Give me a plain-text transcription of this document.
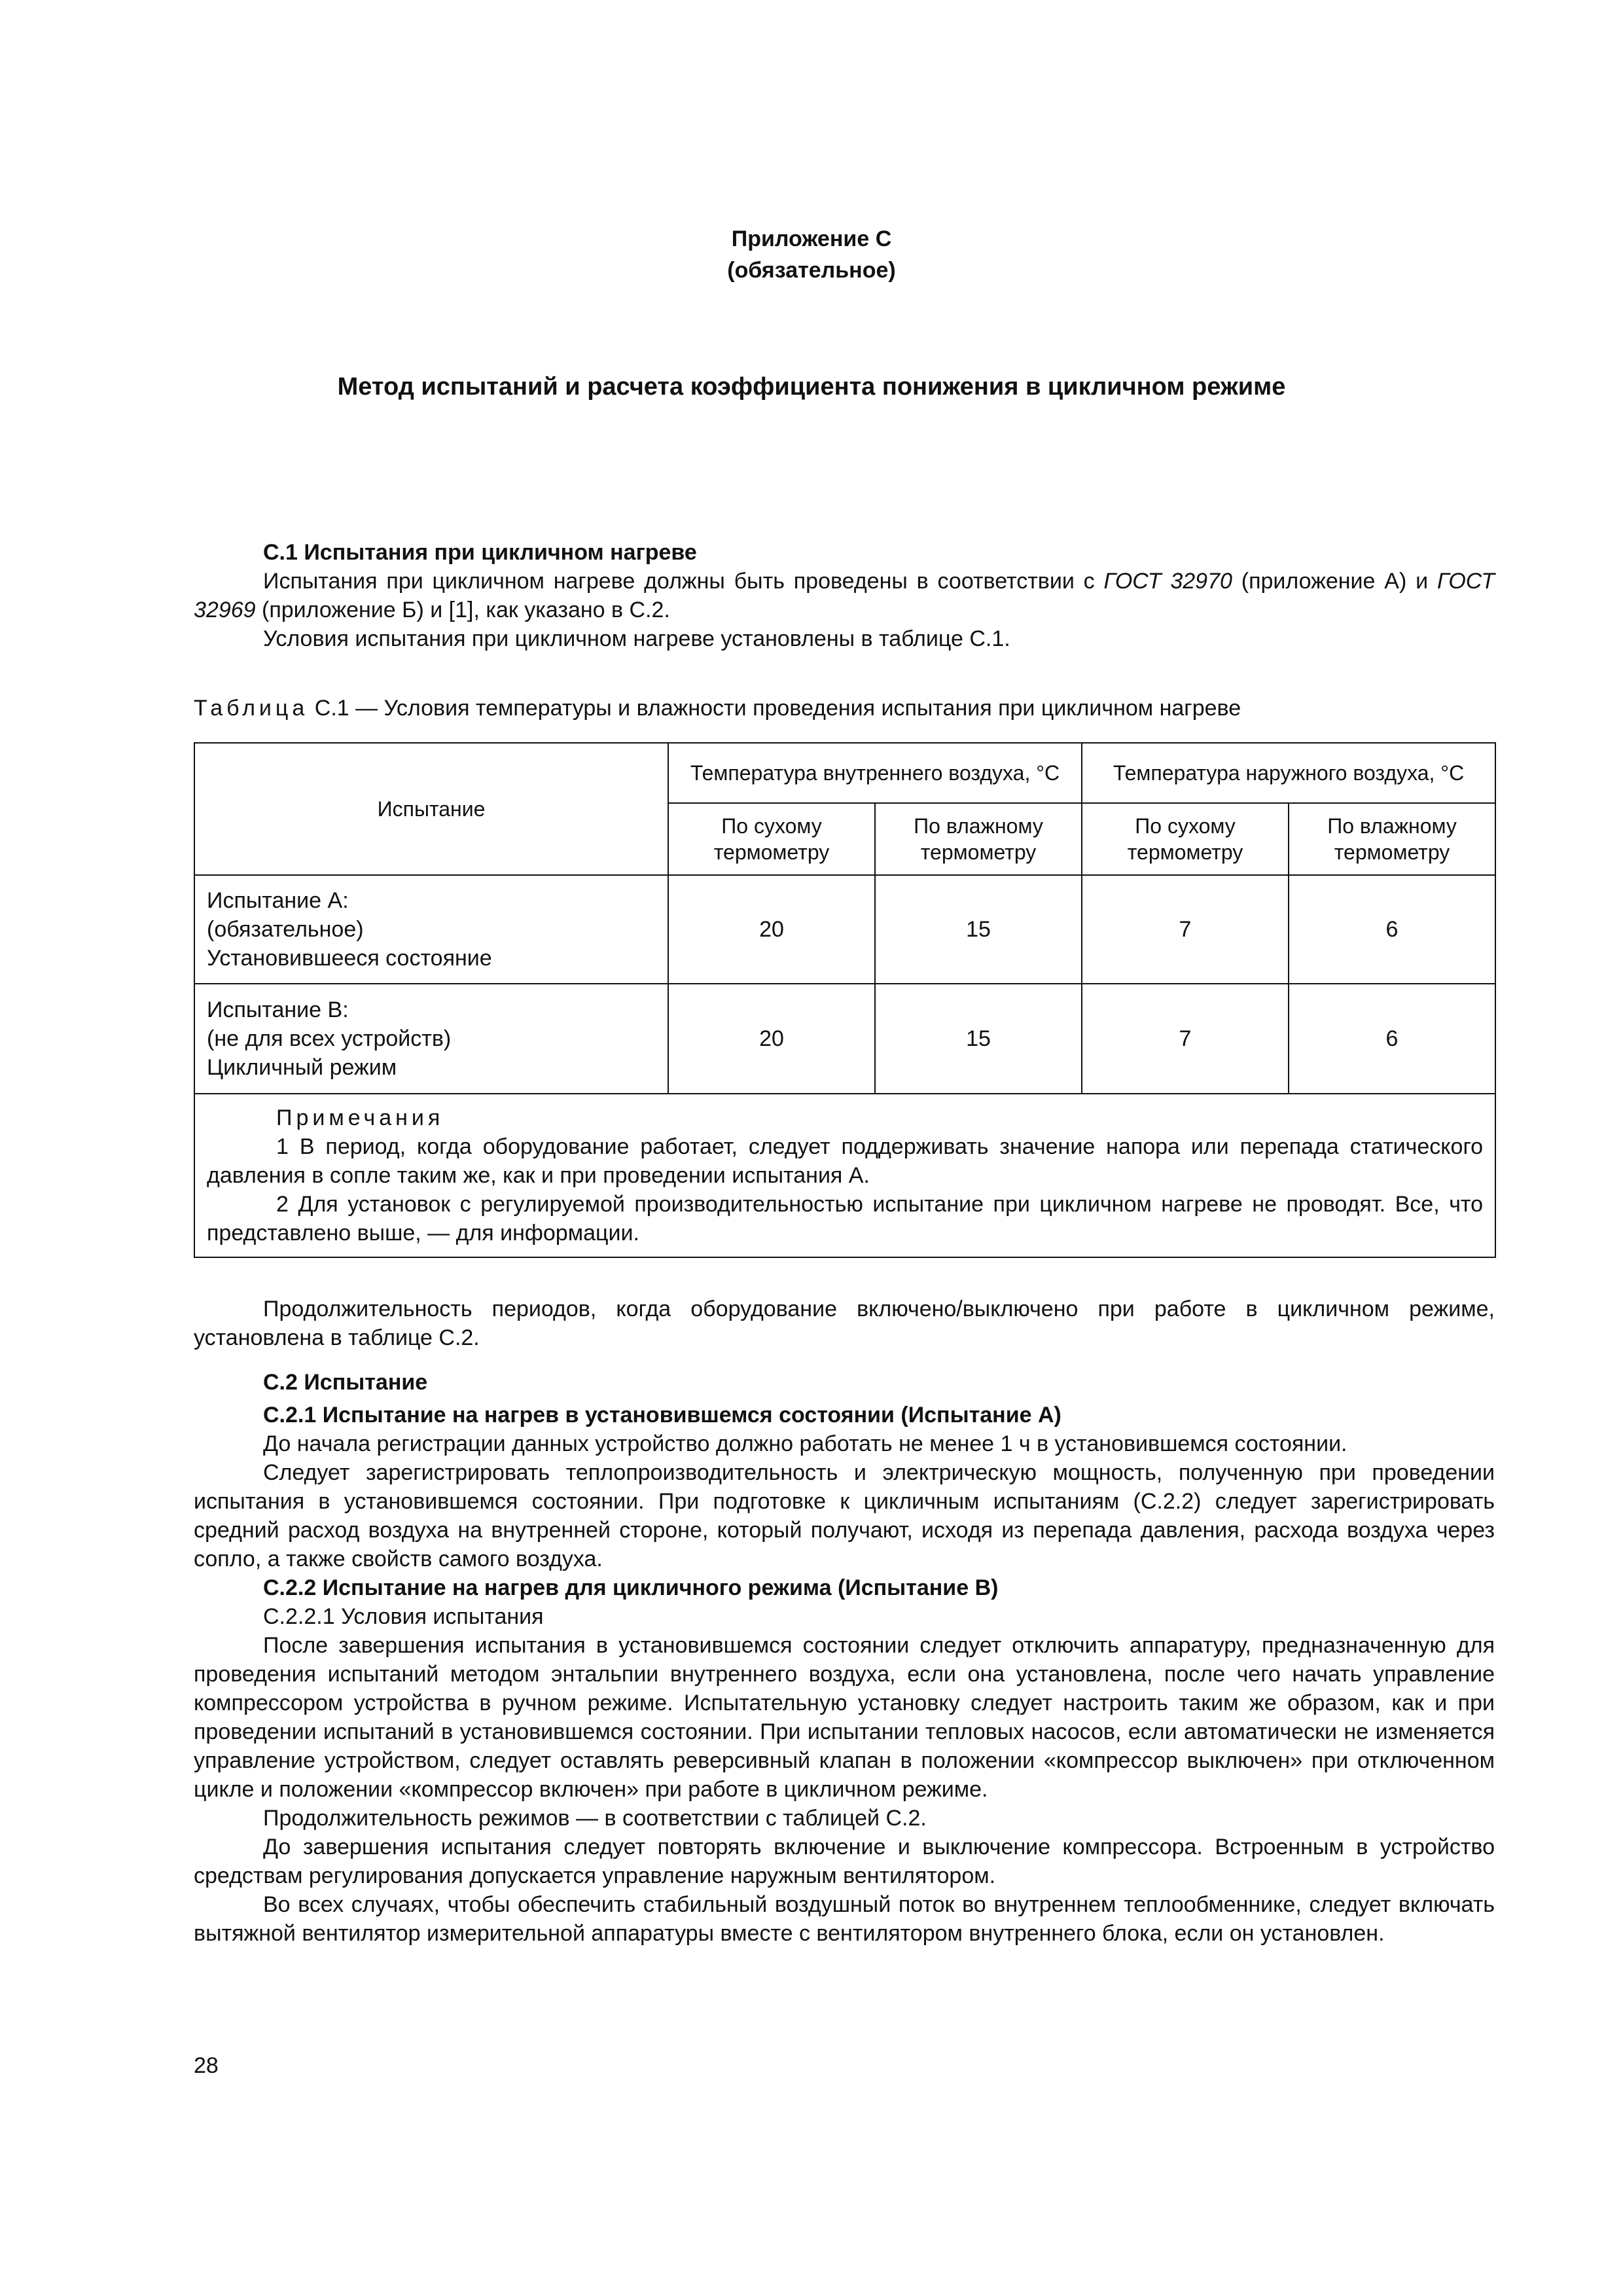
Приложение С
(обязательное)
Метод испытаний и расчета коэффициента понижения в цикличном режиме

С.1 Испытания при цикличном нагреве

Испытания при цикличном нагреве должны быть проведены в соответствии с ГОСТ 32970 (приложение А) и ГОСТ 32969 (приложение Б) и [1], как указано в С.2.

Условия испытания при цикличном нагреве установлены в таблице С.1.

Таблица С.1 — Условия температуры и влажности проведения испытания при цикличном нагреве
Испытание	Температура внутреннего воздуха, °С		Температура наружного воздуха, °С	
	По сухому термометру	По влажному термометру	По сухому термометру	По влажному термометру

Испытание А:
(обязательное)
Установившееся состояние	20	15	7	6

Испытание В:
(не для всех устройств)
Цикличный режим	20	15	7	6

Примечания

1 В период, когда оборудование работает, следует поддерживать значение напора или перепада статического давления в сопле таким же, как и при проведении испытания А.

2 Для установок с регулируемой производительностью испытание при цикличном нагреве не проводят. Все, что представлено выше, — для информации.				

Продолжительность периодов, когда оборудование включено/выключено при работе в цикличном режиме, установлена в таблице С.2.

С.2 Испытание

С.2.1 Испытание на нагрев в установившемся состоянии (Испытание А)

До начала регистрации данных устройство должно работать не менее 1 ч в установившемся состоянии.

Следует зарегистрировать теплопроизводительность и электрическую мощность, полученную при проведении испытания в установившемся состоянии. При подготовке к цикличным испытаниям (С.2.2) следует зарегистрировать средний расход воздуха на внутренней стороне, который получают, исходя из перепада давления, расхода воздуха через сопло, а также свойств самого воздуха.

С.2.2 Испытание на нагрев для цикличного режима (Испытание В)

С.2.2.1 Условия испытания

После завершения испытания в установившемся состоянии следует отключить аппаратуру, предназначенную для проведения испытаний методом энтальпии внутреннего воздуха, если она установлена, после чего начать управление компрессором устройства в ручном режиме. Испытательную установку следует настроить таким же образом, как и при проведении испытаний в установившемся состоянии. При испытании тепловых насосов, если автоматически не изменяется управление устройством, следует оставлять реверсивный клапан в положении «компрессор выключен» при отключенном цикле и положении «компрессор включен» при работе в цикличном режиме.

Продолжительность режимов — в соответствии с таблицей С.2.

До завершения испытания следует повторять включение и выключение компрессора. Встроенным в устройство средствам регулирования допускается управление наружным вентилятором.

Во всех случаях, чтобы обеспечить стабильный воздушный поток во внутреннем теплообменнике, следует включать вытяжной вентилятор измерительной аппаратуры вместе с вентилятором внутреннего блока, если он установлен.

28
